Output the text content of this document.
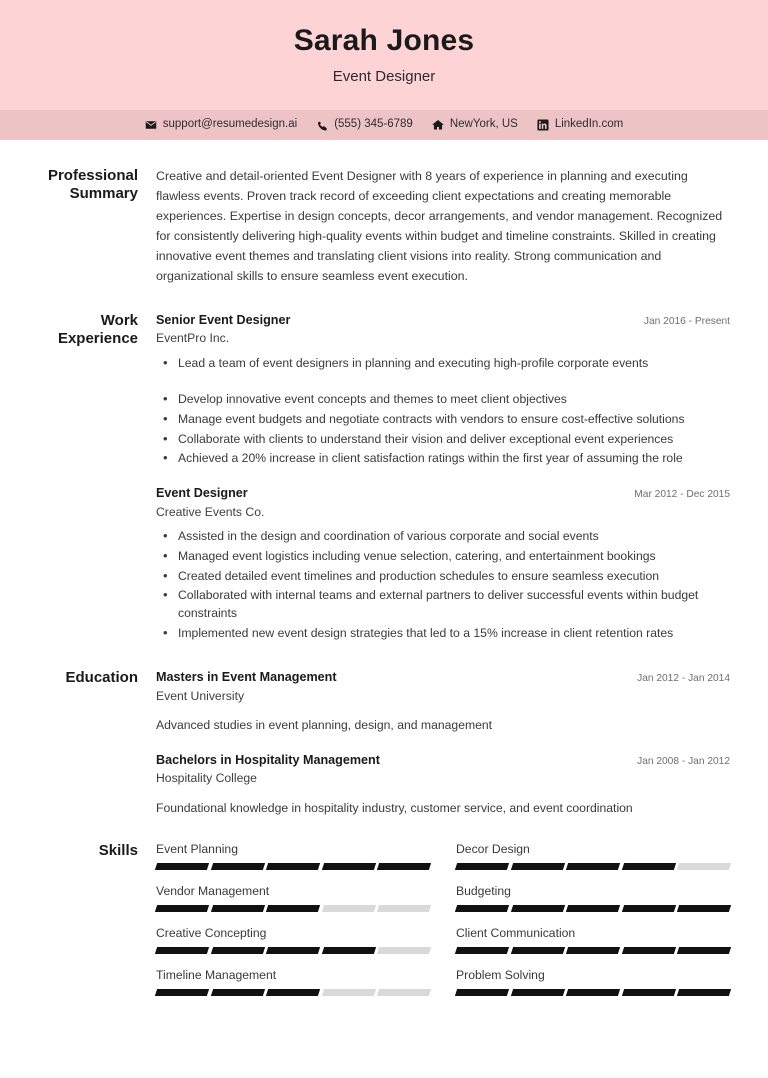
Sarah Jones
Event Designer
support@resumedesign.ai	(555) 345-6789	NewYork, US	LinkedIn.com
Professional Summary
Creative and detail-oriented Event Designer with 8 years of experience in planning and executing flawless events. Proven track record of exceeding client expectations and creating memorable experiences. Expertise in design concepts, decor arrangements, and vendor management. Recognized for consistently delivering high-quality events within budget and timeline constraints. Skilled in creating innovative event themes and translating client visions into reality. Strong communication and organizational skills to ensure seamless event execution.
Work Experience
Senior Event Designer	Jan 2016 - Present
EventPro Inc.
• Lead a team of event designers in planning and executing high-profile corporate events
• Develop innovative event concepts and themes to meet client objectives
• Manage event budgets and negotiate contracts with vendors to ensure cost-effective solutions
• Collaborate with clients to understand their vision and deliver exceptional event experiences
• Achieved a 20% increase in client satisfaction ratings within the first year of assuming the role
Event Designer	Mar 2012 - Dec 2015
Creative Events Co.
• Assisted in the design and coordination of various corporate and social events
• Managed event logistics including venue selection, catering, and entertainment bookings
• Created detailed event timelines and production schedules to ensure seamless execution
• Collaborated with internal teams and external partners to deliver successful events within budget constraints
• Implemented new event design strategies that led to a 15% increase in client retention rates
Education	Masters in Event Management	Jan 2012 - Jan 2014
Event University
Advanced studies in event planning, design, and management
Bachelors in Hospitality Management	Jan 2008 - Jan 2012
Hospitality College
Foundational knowledge in hospitality industry, customer service, and event coordination
Skills	Event Planning	Decor Design
Vendor Management	Budgeting
Creative Concepting	Client Communication
Timeline Management	Problem Solving
